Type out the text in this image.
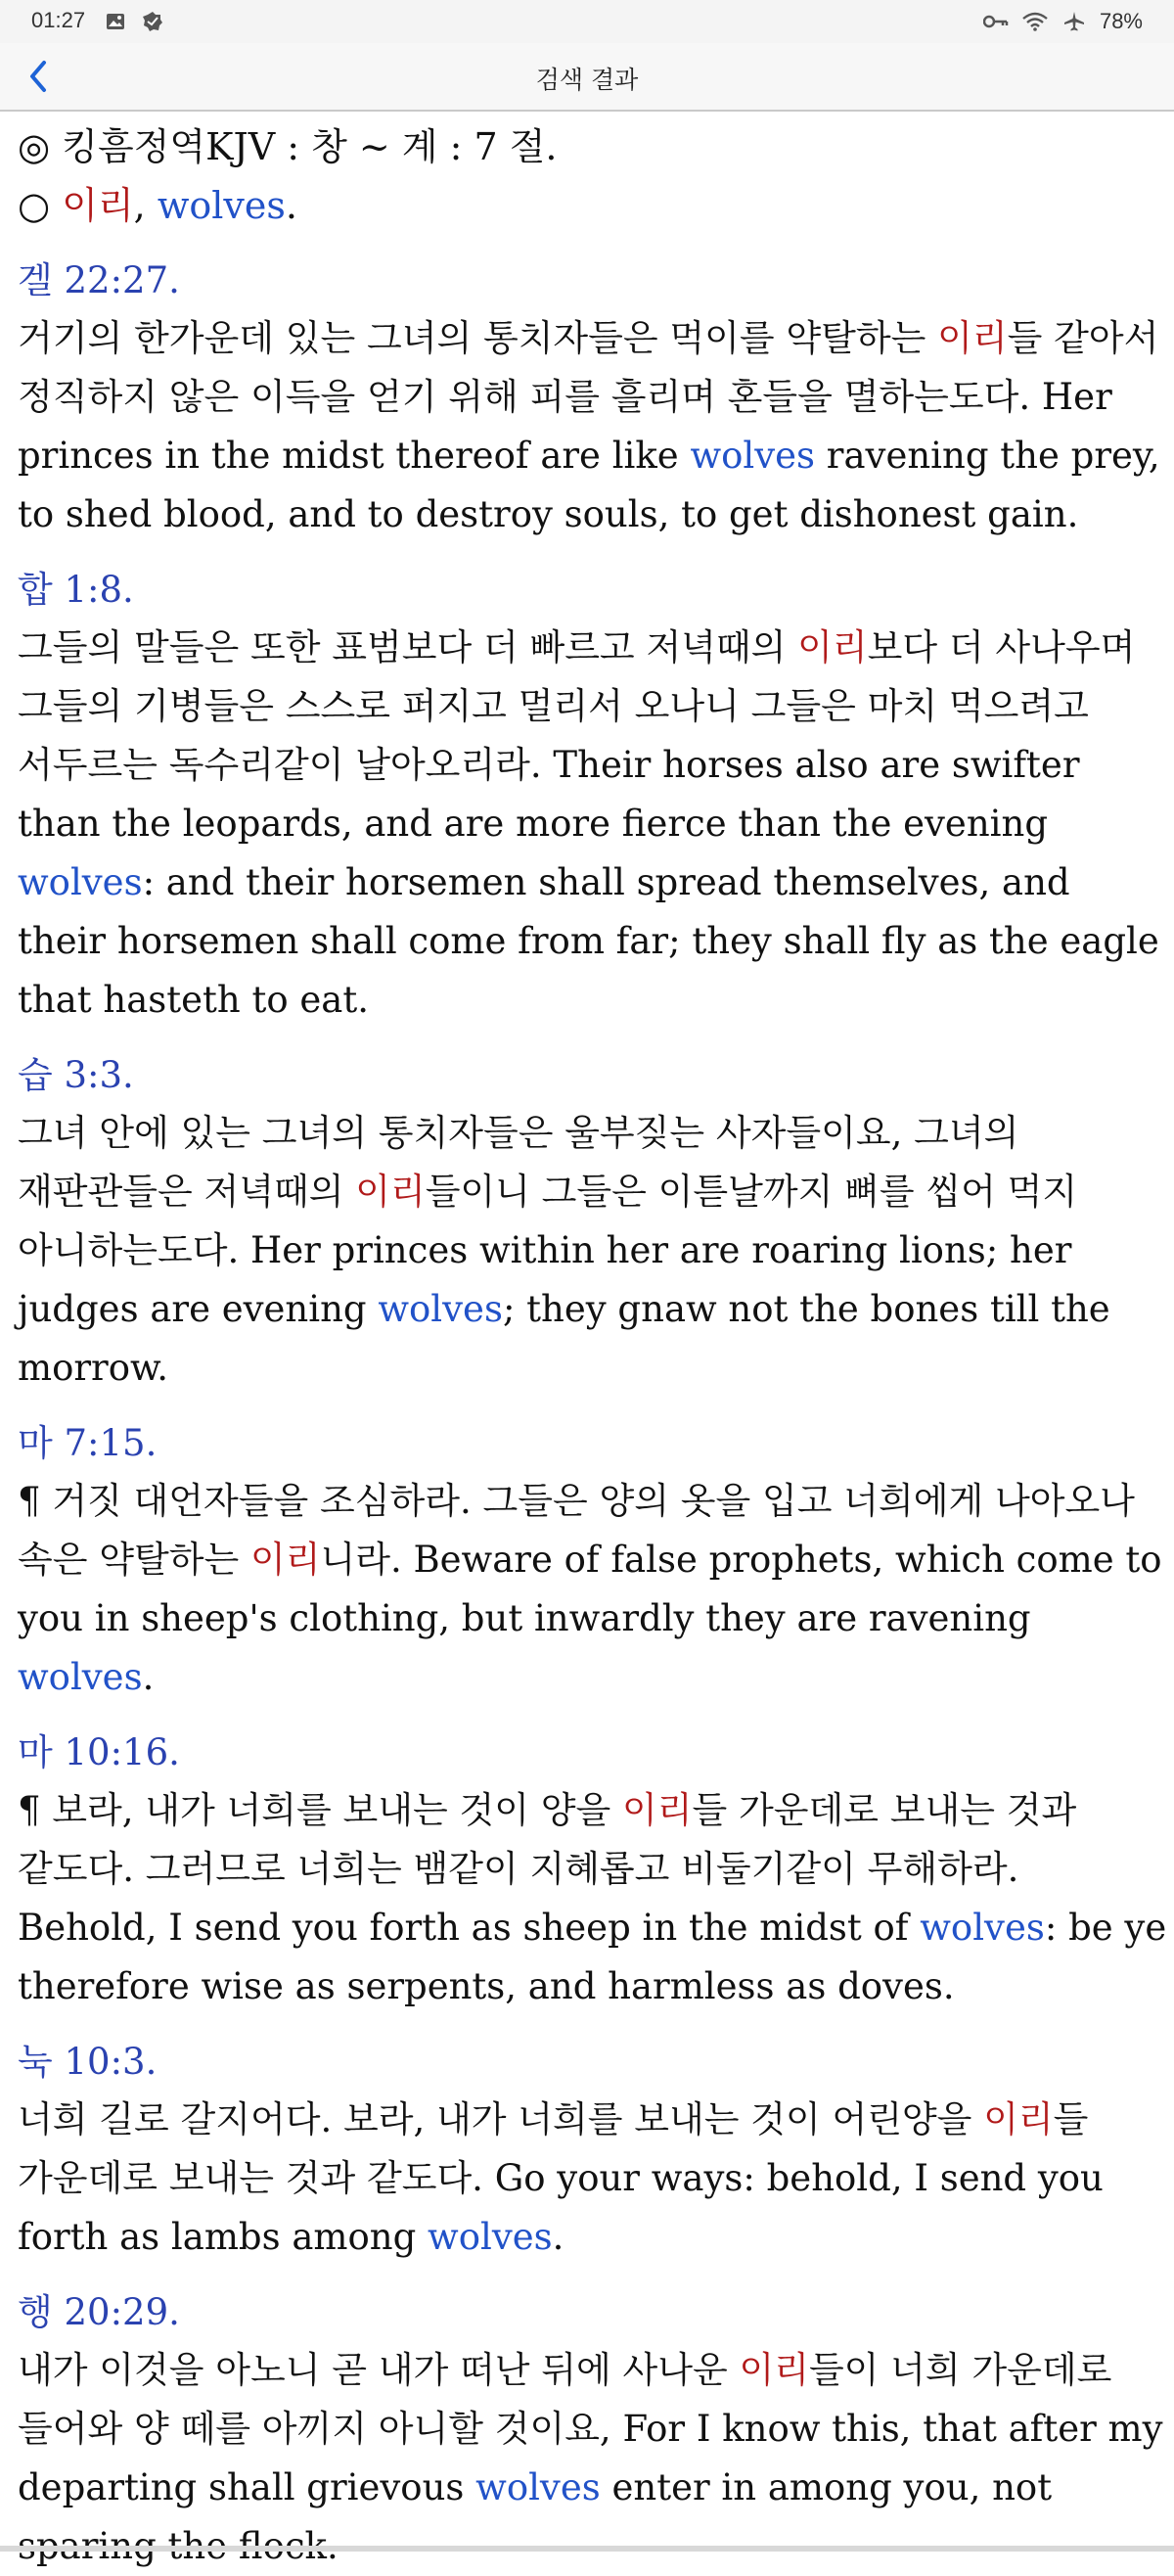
01:27	78%
검색 결과
◎ 킹흠정역KJV : 창 ~ 계 : 7 절.
○ 이리, wolves.
겔 22:27.
거기의 한가운데 있는 그녀의 통치자들은 먹이를 약탈하는 이리들 같아서 정직하지 않은 이득을 얻기 위해 피를 흘리며 혼들을 멸하는도다. Her princes in the midst thereof are like wolves ravening the prey, to shed blood, and to destroy souls, to get dishonest gain.
합 1:8.
그들의 말들은 또한 표범보다 더 빠르고 저녁때의 이리보다 더 사나우며 그들의 기병들은 스스로 퍼지고 멀리서 오나니 그들은 마치 먹으려고 서두르는 독수리같이 날아오리라. Their horses also are swifter than the leopards, and are more fierce than the evening wolves: and their horsemen shall spread themselves, and their horsemen shall come from far; they shall fly as the eagle that hasteth to eat.
습 3:3.
그녀 안에 있는 그녀의 통치자들은 울부짖는 사자들이요, 그녀의 재판관들은 저녁때의 이리들이니 그들은 이튿날까지 뼈를 씹어 먹지 아니하는도다. Her princes within her are roaring lions; her judges are evening wolves; they gnaw not the bones till the morrow.
마 7:15.
¶ 거짓 대언자들을 조심하라. 그들은 양의 옷을 입고 너희에게 나아오나 속은 약탈하는 이리니라. Beware of false prophets, which come to you in sheep's clothing, but inwardly they are ravening wolves.
마 10:16.
¶ 보라, 내가 너희를 보내는 것이 양을 이리들 가운데로 보내는 것과 같도다. 그러므로 너희는 뱀같이 지혜롭고 비둘기같이 무해하라. Behold, I send you forth as sheep in the midst of wolves: be ye therefore wise as serpents, and harmless as doves.
눅 10:3.
너희 길로 갈지어다. 보라, 내가 너희를 보내는 것이 어린양을 이리들 가운데로 보내는 것과 같도다. Go your ways: behold, I send you forth as lambs among wolves.
행 20:29.
내가 이것을 아노니 곧 내가 떠난 뒤에 사나운 이리들이 너희 가운데로 들어와 양 떼를 아끼지 아니할 것이요, For I know this, that after my departing shall grievous wolves enter in among you, not
